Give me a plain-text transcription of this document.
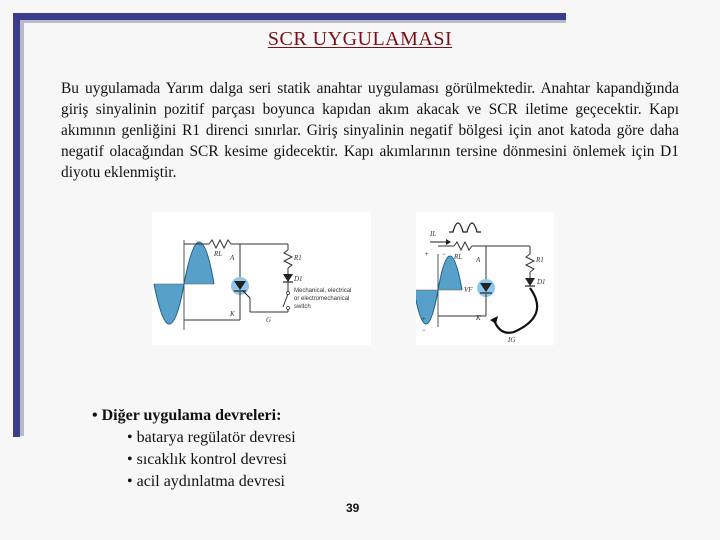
SCR UYGULAMASI
Bu uygulamada Yarım dalga seri statik anahtar uygulaması görülmektedir. Anahtar kapandığında giriş sinyalinin pozitif parçası boyunca kapıdan akım akacak ve SCR iletime geçecektir. Kapı akımının genliğini R1 direnci sınırlar. Giriş sinyalinin negatif bölgesi için anot katoda göre daha negatif olacağından SCR kesime gidecektir. Kapı akımlarının tersine dönmesini önlemek için D1 diyotu eklenmiştir.
RL A
K
R1
D1
G
Mechanical, electrical
or electromechanical
switch
IL
+ −
+
−
RL A
VF
K
R1
D1
IG
• Diğer uygulama devreleri:
• batarya regülatör devresi
• sıcaklık kontrol devresi
• acil aydınlatma devresi
39
